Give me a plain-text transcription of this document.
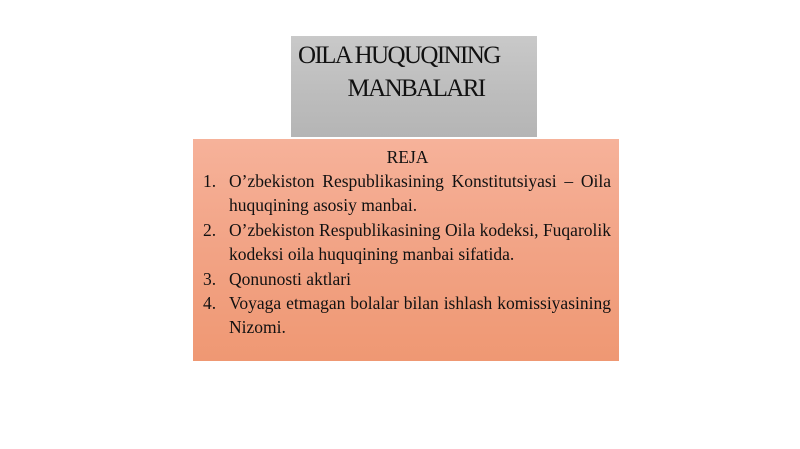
OILA HUQUQINING
MANBALARI
REJA
1. O’zbekiston Respublikasining Konstitutsiyasi – Oila huquqining asosiy manbai.
2. O’zbekiston Respublikasining Oila kodeksi, Fuqarolik kodeksi oila huquqining manbai sifatida.
3. Qonunosti aktlari
4. Voyaga etmagan bolalar bilan ishlash komissiyasining Nizomi.
